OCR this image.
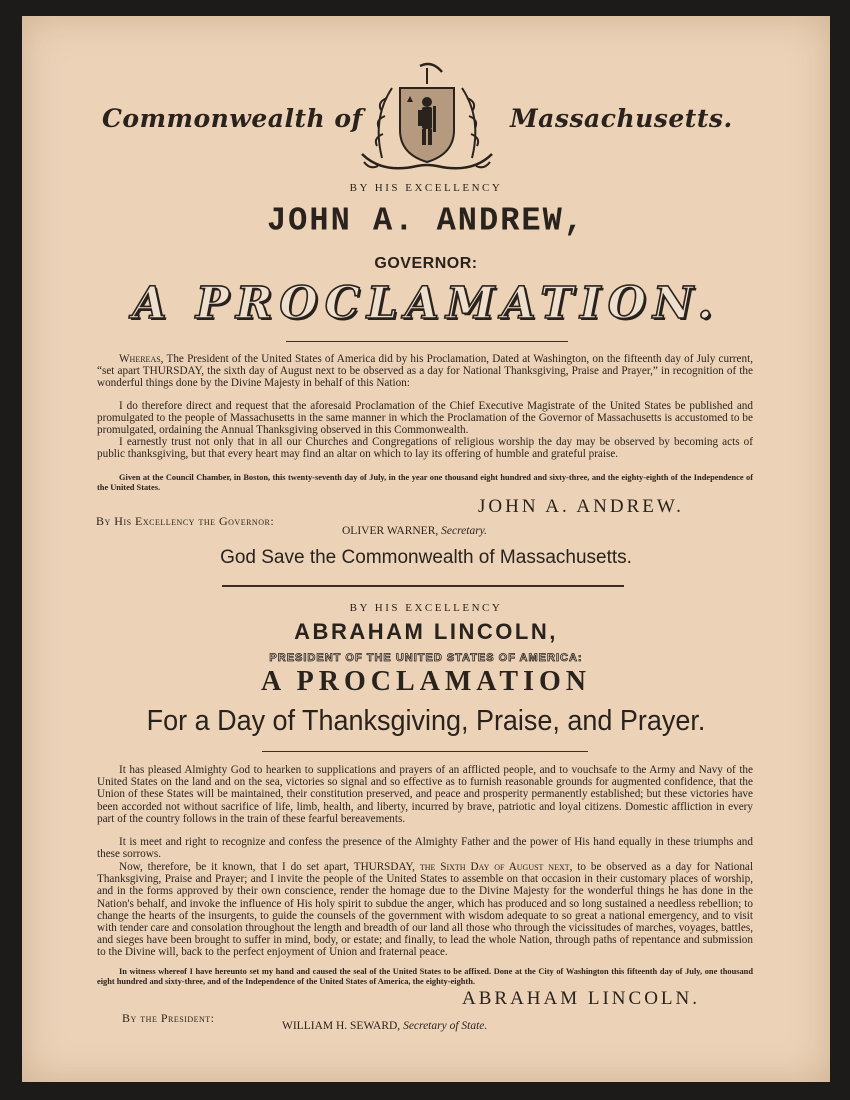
Commonwealth of	Massachusetts.
BY HIS EXCELLENCY
JOHN A. ANDREW,
GOVERNOR:
A PROCLAMATION.
Whereas, The President of the United States of America did by his Proclamation, Dated at Washington, on the fifteenth day of July current, “set apart THURSDAY, the sixth day of August next to be observed as a day for National Thanksgiving, Praise and Prayer,” in recognition of the wonderful things done by the Divine Majesty in behalf of this Nation:
I do therefore direct and request that the aforesaid Proclamation of the Chief Executive Magistrate of the United States be published and promulgated to the people of Massachusetts in the same manner in which the Proclamation of the Governor of Massachusetts is accustomed to be promulgated, ordaining the Annual Thanksgiving observed in this Commonwealth.
I earnestly trust not only that in all our Churches and Congregations of religious worship the day may be observed by becoming acts of public thanksgiving, but that every heart may find an altar on which to lay its offering of humble and grateful praise.
Given at the Council Chamber, in Boston, this twenty-seventh day of July, in the year one thousand eight hundred and sixty-three, and the eighty-eighth of the Independence of the United States.
JOHN A. ANDREW.
By His Excellency the Governor:
OLIVER WARNER, Secretary.
God Save the Commonwealth of Massachusetts.
BY HIS EXCELLENCY
ABRAHAM LINCOLN,
PRESIDENT OF THE UNITED STATES OF AMERICA:
A PROCLAMATION
For a Day of Thanksgiving, Praise, and Prayer.
It has pleased Almighty God to hearken to supplications and prayers of an afflicted people, and to vouchsafe to the Army and Navy of the United States on the land and on the sea, victories so signal and so effective as to furnish reasonable grounds for augmented confidence, that the Union of these States will be maintained, their constitution preserved, and peace and prosperity permanently established; but these victories have been accorded not without sacrifice of life, limb, health, and liberty, incurred by brave, patriotic and loyal citizens. Domestic affliction in every part of the country follows in the train of these fearful bereavements.
It is meet and right to recognize and confess the presence of the Almighty Father and the power of His hand equally in these triumphs and these sorrows.
Now, therefore, be it known, that I do set apart, THURSDAY, the Sixth Day of August next, to be observed as a day for National Thanksgiving, Praise and Prayer; and I invite the people of the United States to assemble on that occasion in their customary places of worship, and in the forms approved by their own conscience, render the homage due to the Divine Majesty for the wonderful things he has done in the Nation's behalf, and invoke the influence of His holy spirit to subdue the anger, which has produced and so long sustained a needless rebellion; to change the hearts of the insurgents, to guide the counsels of the government with wisdom adequate to so great a national emergency, and to visit with tender care and consolation throughout the length and breadth of our land all those who through the vicissitudes of marches, voyages, battles, and sieges have been brought to suffer in mind, body, or estate; and finally, to lead the whole Nation, through paths of repentance and submission to the Divine will, back to the perfect enjoyment of Union and fraternal peace.
In witness whereof I have hereunto set my hand and caused the seal of the United States to be affixed. Done at the City of Washington this fifteenth day of July, one thousand eight hundred and sixty-three, and of the Independence of the United States of America, the eighty-eighth.
ABRAHAM LINCOLN.
By the President:
WILLIAM H. SEWARD, Secretary of State.
